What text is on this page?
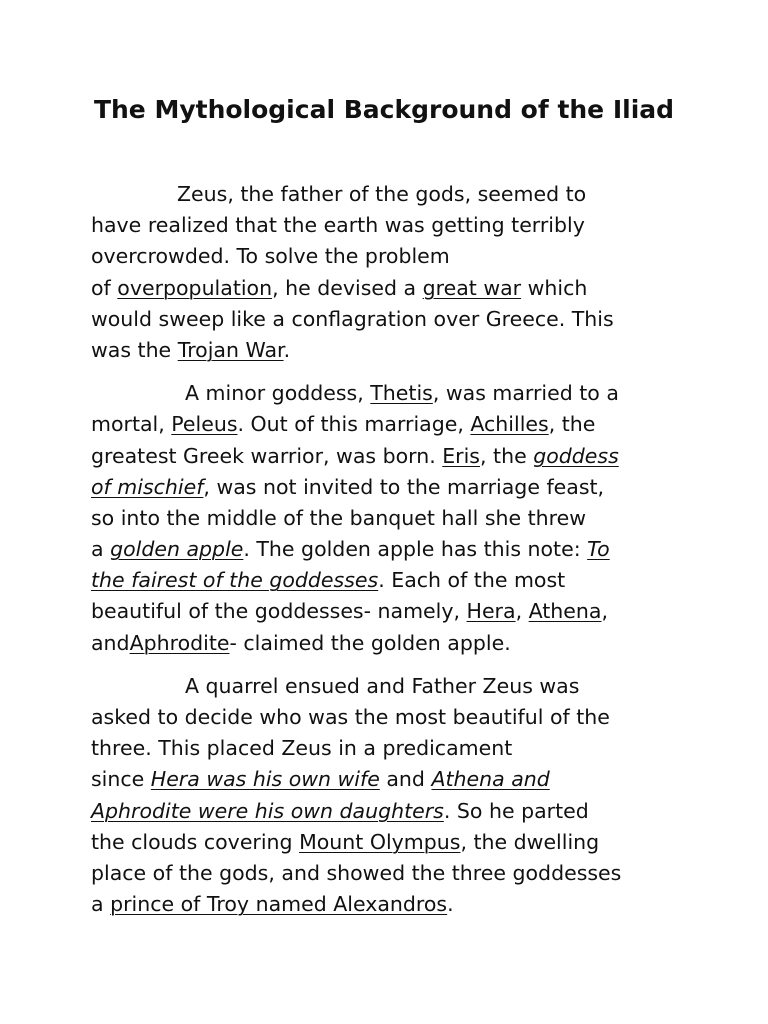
The Mythological Background of the Iliad

Zeus, the father of the gods, seemed to
have realized that the earth was getting terribly
overcrowded. To solve the problem
of overpopulation, he devised a great war which
would sweep like a conflagration over Greece. This
was the Trojan War.

A minor goddess, Thetis, was married to a
mortal, Peleus. Out of this marriage, Achilles, the
greatest Greek warrior, was born. Eris, the goddess
of mischief, was not invited to the marriage feast,
so into the middle of the banquet hall she threw
a golden apple. The golden apple has this note: To
the fairest of the goddesses. Each of the most
beautiful of the goddesses- namely, Hera, Athena,
andAphrodite- claimed the golden apple.

A quarrel ensued and Father Zeus was
asked to decide who was the most beautiful of the
three. This placed Zeus in a predicament
since Hera was his own wife and Athena and
Aphrodite were his own daughters. So he parted
the clouds covering Mount Olympus, the dwelling
place of the gods, and showed the three goddesses
a prince of Troy named Alexandros.
